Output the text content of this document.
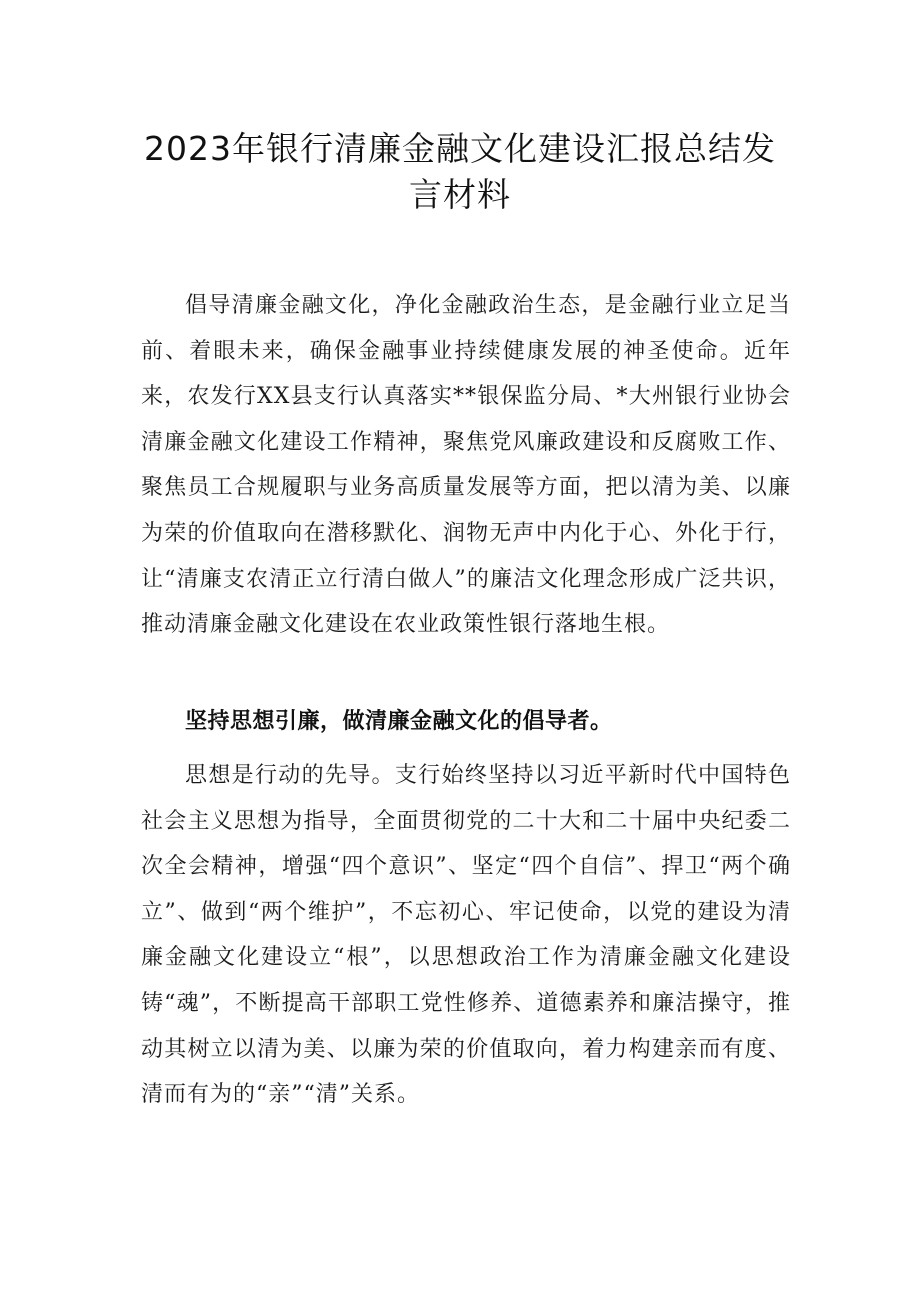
2023年银行清廉金融文化建设汇报总结发
言材料

倡导清廉金融文化，净化金融政治生态，是金融行业立足当前、着眼未来，确保金融事业持续健康发展的神圣使命。近年来，农发行XX县支行认真落实**银保监分局、*大州银行业协会清廉金融文化建设工作精神，聚焦党风廉政建设和反腐败工作、聚焦员工合规履职与业务高质量发展等方面，把以清为美、以廉为荣的价值取向在潜移默化、润物无声中内化于心、外化于行，让“清廉支农清正立行清白做人”的廉洁文化理念形成广泛共识，推动清廉金融文化建设在农业政策性银行落地生根。

坚持思想引廉，做清廉金融文化的倡导者。

思想是行动的先导。支行始终坚持以习近平新时代中国特色社会主义思想为指导，全面贯彻党的二十大和二十届中央纪委二次全会精神，增强“四个意识”、坚定“四个自信”、捍卫“两个确立”、做到“两个维护”，不忘初心、牢记使命，以党的建设为清廉金融文化建设立“根”，以思想政治工作为清廉金融文化建设铸“魂”，不断提高干部职工党性修养、道德素养和廉洁操守，推动其树立以清为美、以廉为荣的价值取向，着力构建亲而有度、清而有为的“亲”“清”关系。
